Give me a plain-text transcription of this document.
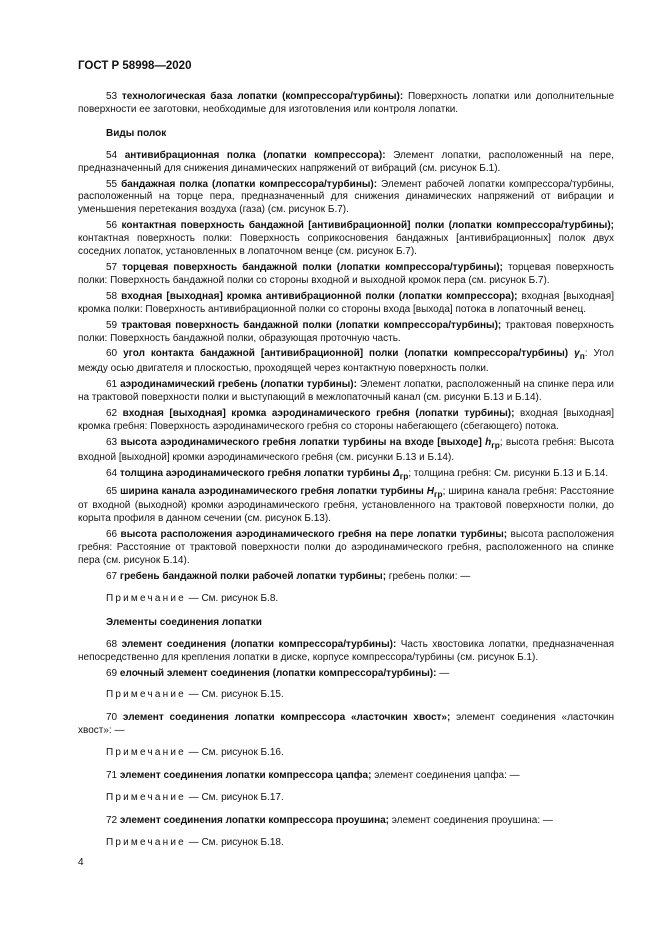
ГОСТ Р 58998—2020

53 технологическая база лопатки (компрессора/турбины): Поверхность лопатки или дополнительные поверхности ее заготовки, необходимые для изготовления или контроля лопатки.

Виды полок

54 антивибрационная полка (лопатки компрессора): Элемент лопатки, расположенный на пере, предназначенный для снижения динамических напряжений от вибраций (см. рисунок Б.1).

55 бандажная полка (лопатки компрессора/турбины): Элемент рабочей лопатки компрессора/турбины, расположенный на торце пера, предназначенный для снижения динамических напряжений от вибрации и уменьшения перетекания воздуха (газа) (см. рисунок Б.7).

56 контактная поверхность бандажной [антивибрационной] полки (лопатки компрессора/турбины); контактная поверхность полки: Поверхность соприкосновения бандажных [антивибрационных] полок двух соседних лопаток, установленных в лопаточном венце (см. рисунок Б.7).

57 торцевая поверхность бандажной полки (лопатки компрессора/турбины); торцевая поверхность полки: Поверхность бандажной полки со стороны входной и выходной кромок пера (см. рисунок Б.7).

58 входная [выходная] кромка антивибрационной полки (лопатки компрессора); входная [выходная] кромка полки: Поверхность антивибрационной полки со стороны входа [выхода] потока в лопаточный венец.

59 трактовая поверхность бандажной полки (лопатки компрессора/турбины); трактовая поверхность полки: Поверхность бандажной полки, образующая проточную часть.

60 угол контакта бандажной [антивибрационной] полки (лопатки компрессора/турбины) $\gamma_п$: Угол между осью двигателя и плоскостью, проходящей через контактную поверхность полки.

61 аэродинамический гребень (лопатки турбины): Элемент лопатки, расположенный на спинке пера или на трактовой поверхности полки и выступающий в межлопаточный канал (см. рисунки Б.13 и Б.14).

62 входная [выходная] кромка аэродинамического гребня (лопатки турбины); входная [выходная] кромка гребня: Поверхность аэродинамического гребня со стороны набегающего (сбегающего) потока.

63 высота аэродинамического гребня лопатки турбины на входе [выходе] $h_{гр}$; высота гребня: Высота входной [выходной] кромки аэродинамического гребня (см. рисунки Б.13 и Б.14).

64 толщина аэродинамического гребня лопатки турбины $\Delta_{гр}$; толщина гребня: См. рисунки Б.13 и Б.14.

65 ширина канала аэродинамического гребня лопатки турбины $H_{гр}$; ширина канала гребня: Расстояние от входной (выходной) кромки аэродинамического гребня, установленного на трактовой поверхности полки, до корыта профиля в данном сечении (см. рисунок Б.13).

66 высота расположения аэродинамического гребня на пере лопатки турбины; высота расположения гребня: Расстояние от трактовой поверхности полки до аэродинамического гребня, расположенного на спинке пера (см. рисунок Б.14).

67 гребень бандажной полки рабочей лопатки турбины; гребень полки: —

Примечание — См. рисунок Б.8.
Элементы соединения лопатки

68 элемент соединения (лопатки компрессора/турбины): Часть хвостовика лопатки, предназначенная непосредственно для крепления лопатки в диске, корпусе компрессора/турбины (см. рисунок Б.1).

69 елочный элемент соединения (лопатки компрессора/турбины): —

Примечание — См. рисунок Б.15.

70 элемент соединения лопатки компрессора «ласточкин хвост»; элемент соединения «ласточкин хвост»: —

Примечание — См. рисунок Б.16.

71 элемент соединения лопатки компрессора цапфа; элемент соединения цапфа: —

Примечание — См. рисунок Б.17.

72 элемент соединения лопатки компрессора проушина; элемент соединения проушина: —

Примечание — См. рисунок Б.18.
4
